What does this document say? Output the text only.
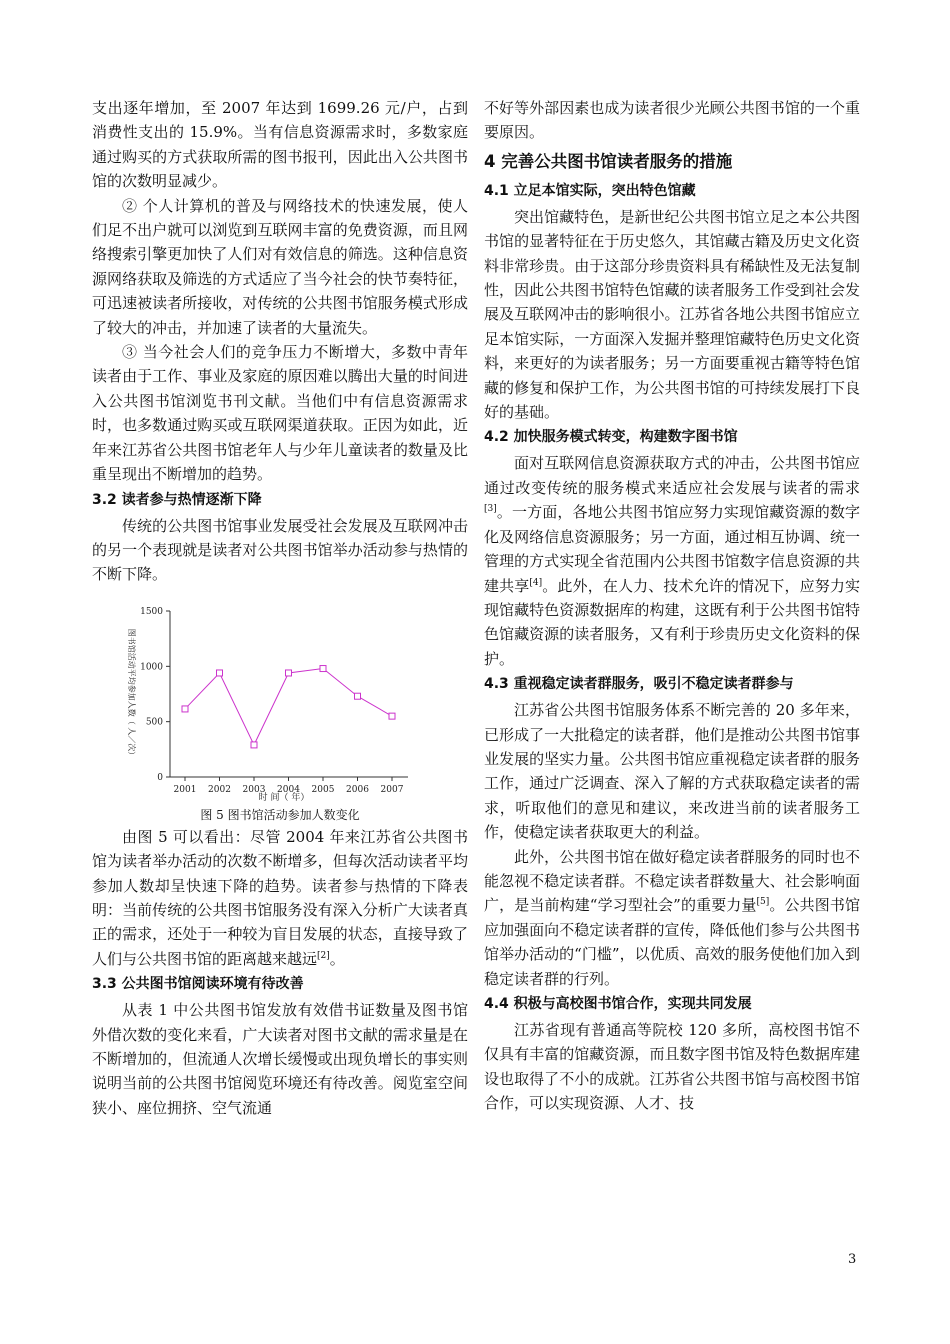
支出逐年增加，至 2007 年达到 1699.26 元/户，占到消费性支出的 15.9%。当有信息资源需求时，多数家庭通过购买的方式获取所需的图书报刊，因此出入公共图书馆的次数明显减少。

② 个人计算机的普及与网络技术的快速发展，使人们足不出户就可以浏览到互联网丰富的免费资源，而且网络搜索引擎更加快了人们对有效信息的筛选。这种信息资源网络获取及筛选的方式适应了当今社会的快节奏特征，可迅速被读者所接收，对传统的公共图书馆服务模式形成了较大的冲击，并加速了读者的大量流失。

③ 当今社会人们的竞争压力不断增大，多数中青年读者由于工作、事业及家庭的原因难以腾出大量的时间进入公共图书馆浏览书刊文献。当他们中有信息资源需求时，也多数通过购买或互联网渠道获取。正因为如此，近年来江苏省公共图书馆老年人与少年儿童读者的数量及比重呈现出不断增加的趋势。

3.2 读者参与热情逐渐下降

传统的公共图书馆事业发展受社会发展及互联网冲击的另一个表现就是读者对公共图书馆举办活动参与热情的不断下降。

0
500
1000
1500
2001 2002 2003 2004 2005 2006 2007
时 间（ 年）
图书馆活动平均参加人数（ 人／次）
图 5 图书馆活动参加人数变化

由图 5 可以看出：尽管 2004 年来江苏省公共图书馆为读者举办活动的次数不断增多，但每次活动读者平均参加人数却呈快速下降的趋势。读者参与热情的下降表明：当前传统的公共图书馆服务没有深入分析广大读者真正的需求，还处于一种较为盲目发展的状态，直接导致了人们与公共图书馆的距离越来越远[2]。

3.3 公共图书馆阅读环境有待改善

从表 1 中公共图书馆发放有效借书证数量及图书馆外借次数的变化来看，广大读者对图书文献的需求量是在不断增加的，但流通人次增长缓慢或出现负增长的事实则说明当前的公共图书馆阅览环境还有待改善。阅览室空间狭小、座位拥挤、空气流通

不好等外部因素也成为读者很少光顾公共图书馆的一个重要原因。

4 完善公共图书馆读者服务的措施
4.1 立足本馆实际，突出特色馆藏

突出馆藏特色，是新世纪公共图书馆立足之本公共图书馆的显著特征在于历史悠久，其馆藏古籍及历史文化资料非常珍贵。由于这部分珍贵资料具有稀缺性及无法复制性，因此公共图书馆特色馆藏的读者服务工作受到社会发展及互联网冲击的影响很小。江苏省各地公共图书馆应立足本馆实际，一方面深入发掘并整理馆藏特色历史文化资料，来更好的为读者服务；另一方面要重视古籍等特色馆藏的修复和保护工作，为公共图书馆的可持续发展打下良好的基础。

4.2 加快服务模式转变，构建数字图书馆

面对互联网信息资源获取方式的冲击，公共图书馆应通过改变传统的服务模式来适应社会发展与读者的需求[3]。一方面，各地公共图书馆应努力实现馆藏资源的数字化及网络信息资源服务；另一方面，通过相互协调、统一管理的方式实现全省范围内公共图书馆数字信息资源的共建共享[4]。此外，在人力、技术允许的情况下，应努力实现馆藏特色资源数据库的构建，这既有利于公共图书馆特色馆藏资源的读者服务，又有利于珍贵历史文化资料的保护。

4.3 重视稳定读者群服务，吸引不稳定读者群参与

江苏省公共图书馆服务体系不断完善的 20 多年来，已形成了一大批稳定的读者群，他们是推动公共图书馆事业发展的坚实力量。公共图书馆应重视稳定读者群的服务工作，通过广泛调查、深入了解的方式获取稳定读者的需求，听取他们的意见和建议，来改进当前的读者服务工作，使稳定读者获取更大的利益。

此外，公共图书馆在做好稳定读者群服务的同时也不能忽视不稳定读者群。不稳定读者群数量大、社会影响面广，是当前构建“学习型社会”的重要力量[5]。公共图书馆应加强面向不稳定读者群的宣传，降低他们参与公共图书馆举办活动的“门槛”，以优质、高效的服务使他们加入到稳定读者群的行列。

4.4 积极与高校图书馆合作，实现共同发展

江苏省现有普通高等院校 120 多所，高校图书馆不仅具有丰富的馆藏资源，而且数字图书馆及特色数据库建设也取得了不小的成就。江苏省公共图书馆与高校图书馆合作，可以实现资源、人才、技

3
